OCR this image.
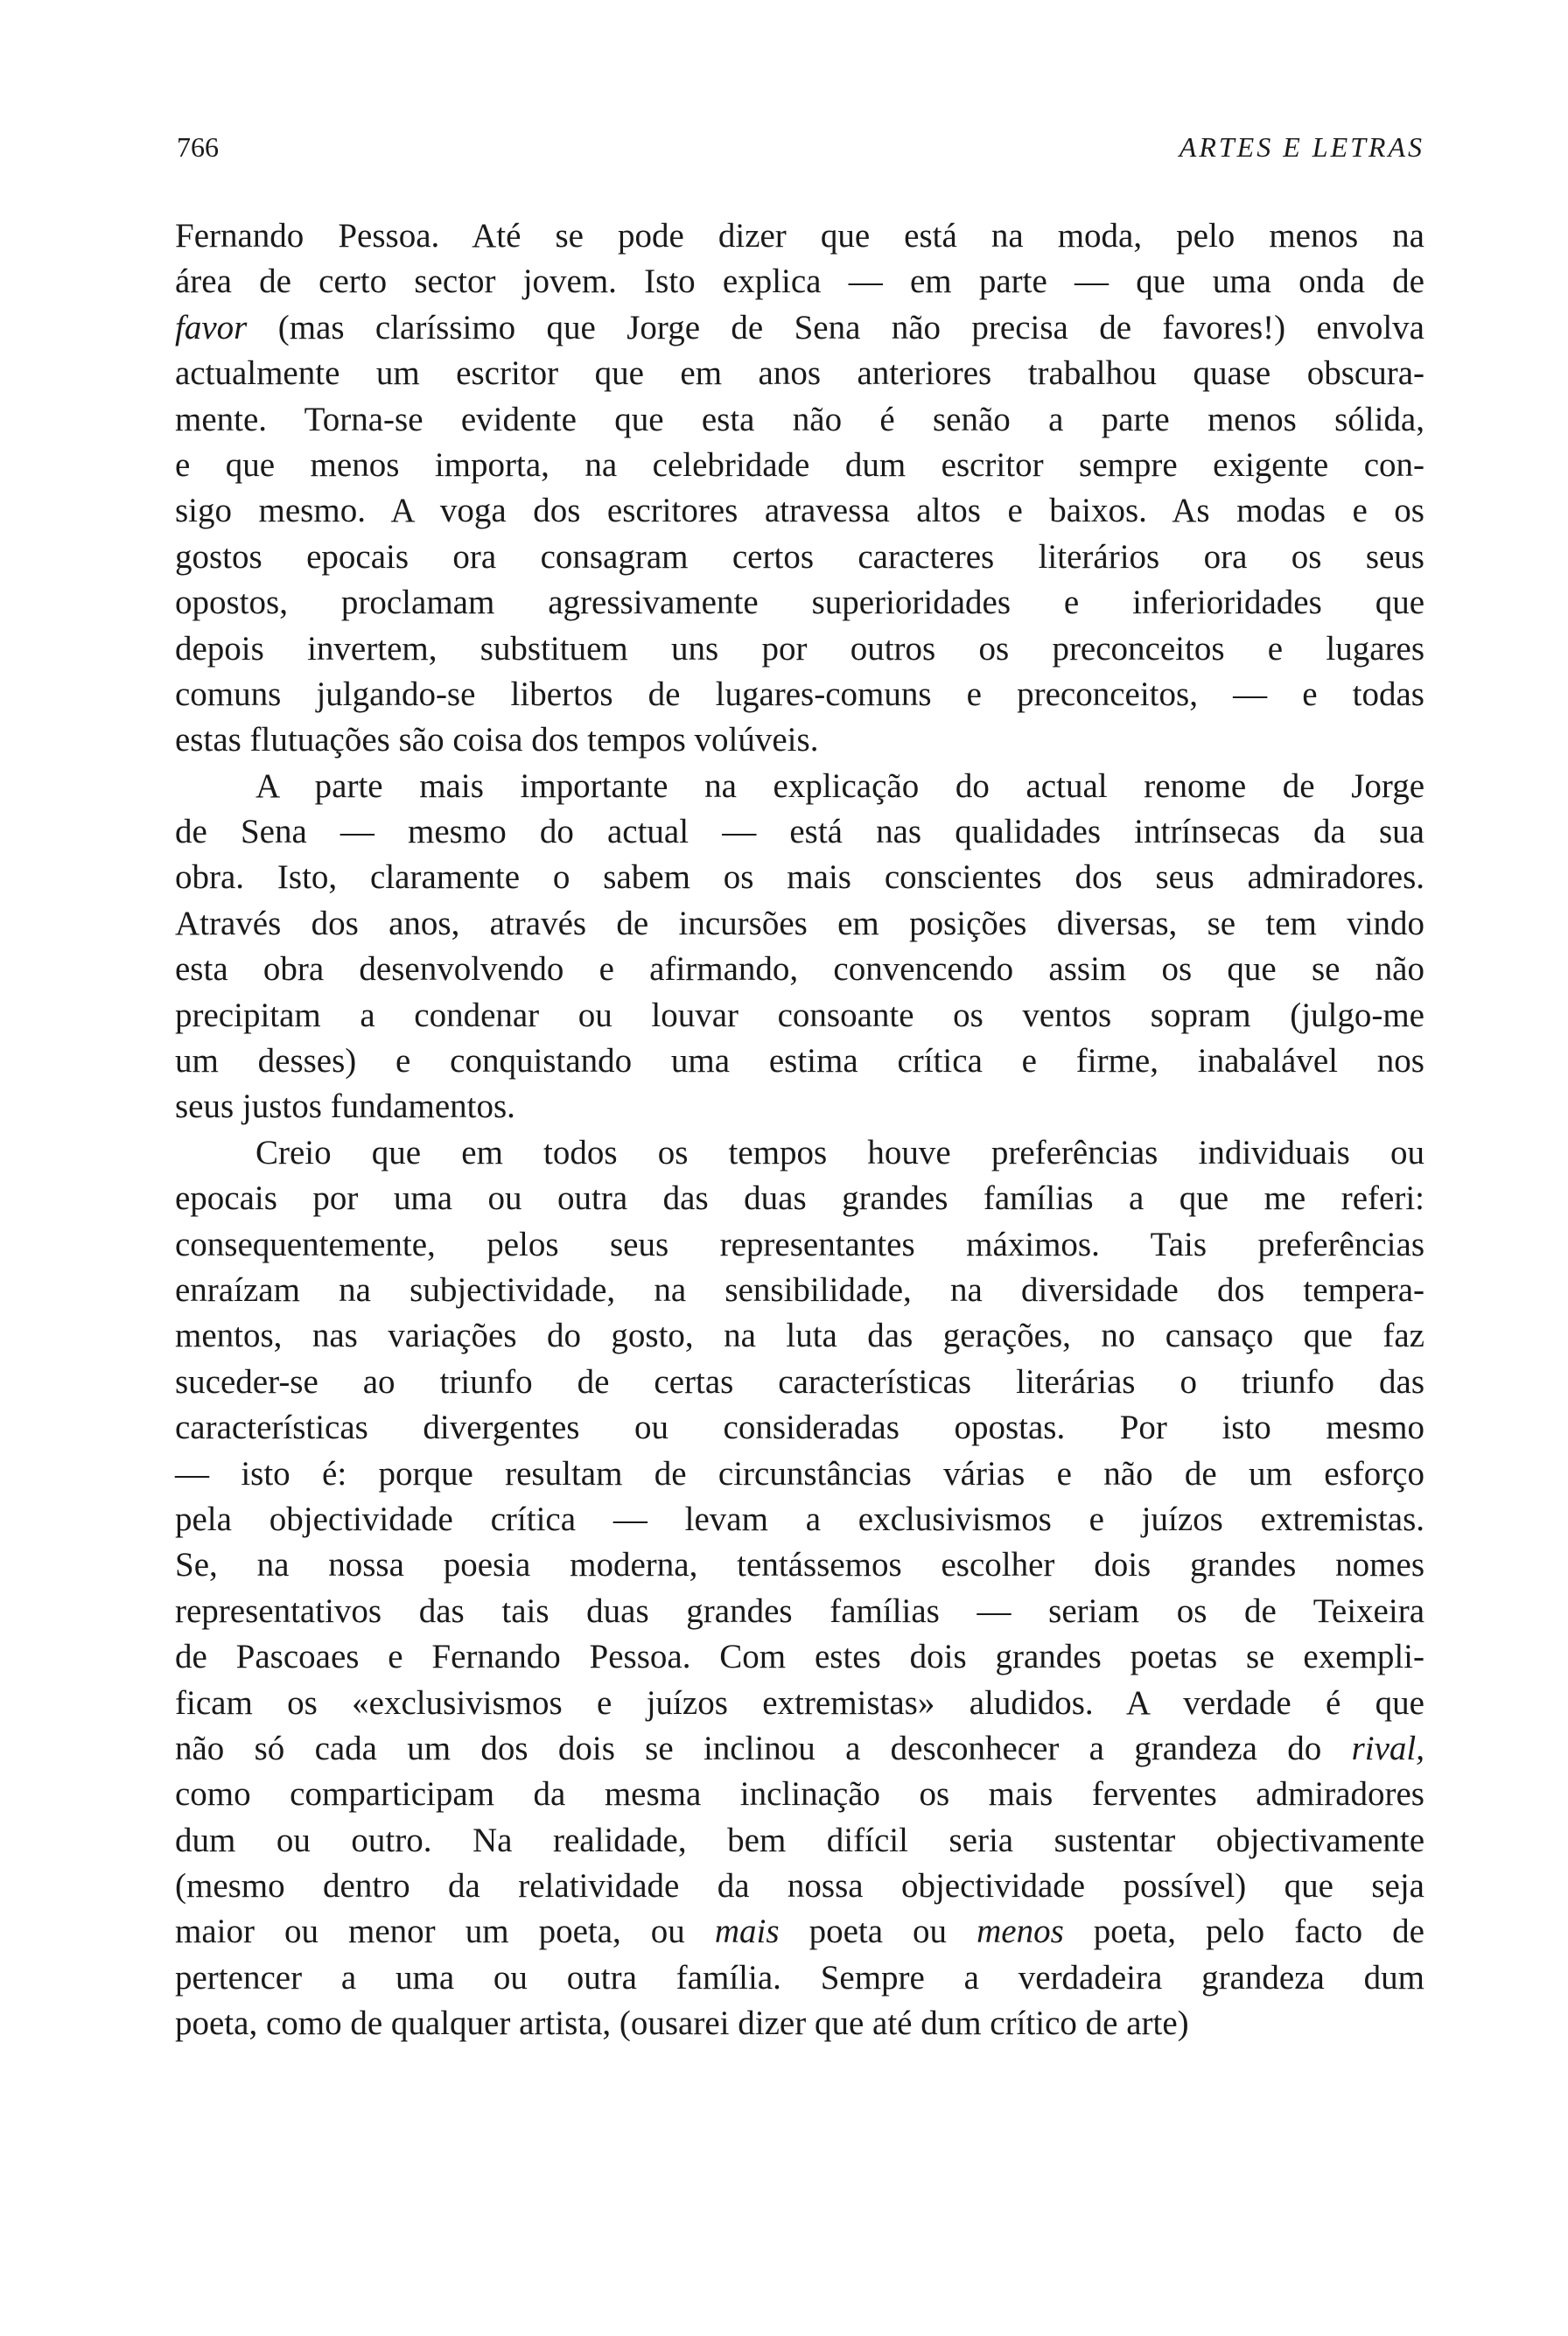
766	ARTES E LETRAS
Fernando Pessoa. Até se pode dizer que está na moda, pelo menos na
área de certo sector jovem. Isto explica — em parte — que uma onda de
favor (mas claríssimo que Jorge de Sena não precisa de favores!) envolva
actualmente um escritor que em anos anteriores trabalhou quase obscura-
mente. Torna-se evidente que esta não é senão a parte menos sólida,
e que menos importa, na celebridade dum escritor sempre exigente con-
sigo mesmo. A voga dos escritores atravessa altos e baixos. As modas e os
gostos epocais ora consagram certos caracteres literários ora os seus
opostos, proclamam agressivamente superioridades e inferioridades que
depois invertem, substituem uns por outros os preconceitos e lugares
comuns julgando-se libertos de lugares-comuns e preconceitos, — e todas
estas flutuações são coisa dos tempos volúveis.
A parte mais importante na explicação do actual renome de Jorge
de Sena — mesmo do actual — está nas qualidades intrínsecas da sua
obra. Isto, claramente o sabem os mais conscientes dos seus admiradores.
Através dos anos, através de incursões em posições diversas, se tem vindo
esta obra desenvolvendo e afirmando, convencendo assim os que se não
precipitam a condenar ou louvar consoante os ventos sopram (julgo-me
um desses) e conquistando uma estima crítica e firme, inabalável nos
seus justos fundamentos.
Creio que em todos os tempos houve preferências individuais ou
epocais por uma ou outra das duas grandes famílias a que me referi:
consequentemente, pelos seus representantes máximos. Tais preferências
enraízam na subjectividade, na sensibilidade, na diversidade dos tempera-
mentos, nas variações do gosto, na luta das gerações, no cansaço que faz
suceder-se ao triunfo de certas características literárias o triunfo das
características divergentes ou consideradas opostas. Por isto mesmo
— isto é: porque resultam de circunstâncias várias e não de um esforço
pela objectividade crítica — levam a exclusivismos e juízos extremistas.
Se, na nossa poesia moderna, tentássemos escolher dois grandes nomes
representativos das tais duas grandes famílias — seriam os de Teixeira
de Pascoaes e Fernando Pessoa. Com estes dois grandes poetas se exempli-
ficam os «exclusivismos e juízos extremistas» aludidos. A verdade é que
não só cada um dos dois se inclinou a desconhecer a grandeza do rival,
como comparticipam da mesma inclinação os mais ferventes admiradores
dum ou outro. Na realidade, bem difícil seria sustentar objectivamente
(mesmo dentro da relatividade da nossa objectividade possível) que seja
maior ou menor um poeta, ou mais poeta ou menos poeta, pelo facto de
pertencer a uma ou outra família. Sempre a verdadeira grandeza dum
poeta, como de qualquer artista, (ousarei dizer que até dum crítico de arte)
